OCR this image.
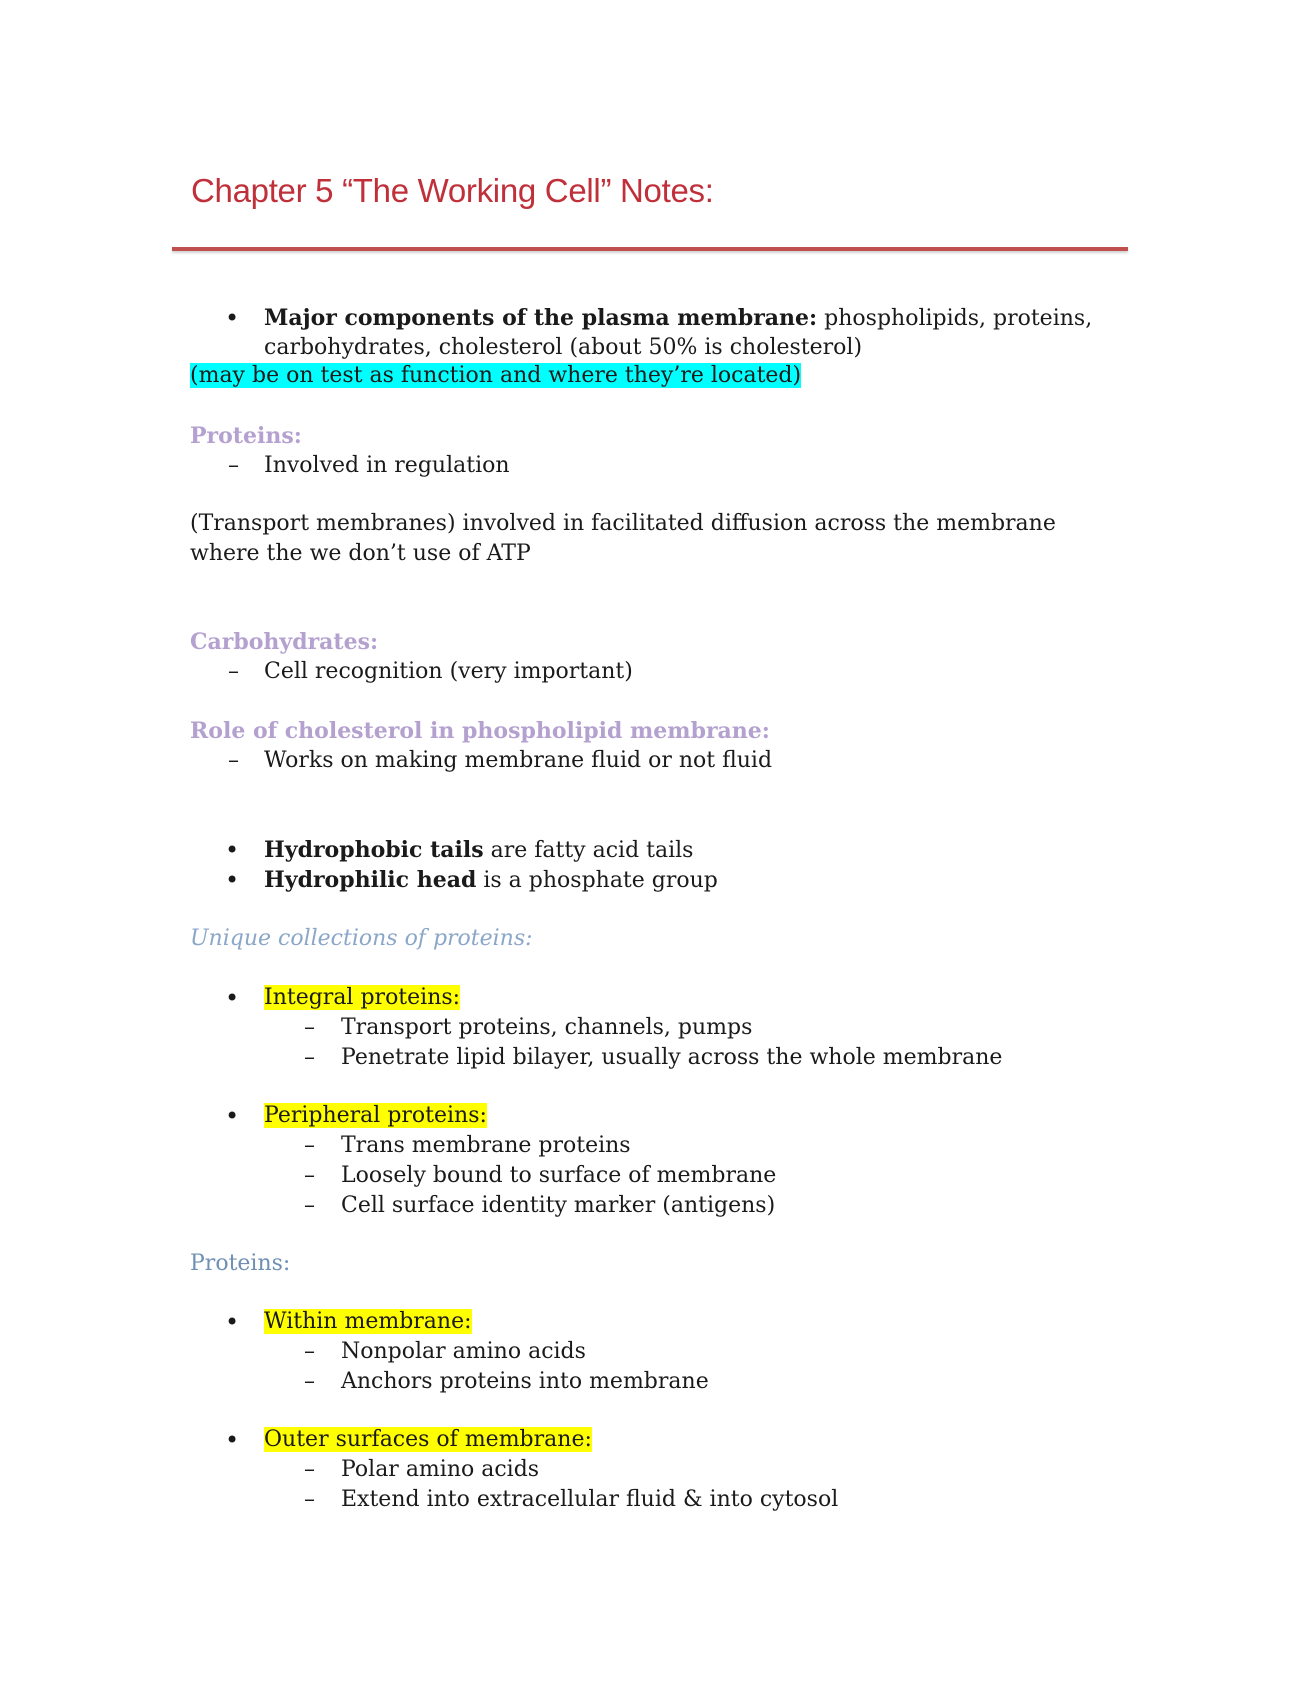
Chapter 5 “The Working Cell” Notes:
• Major components of the plasma membrane: phospholipids, proteins,
carbohydrates, cholesterol (about 50% is cholesterol)
(may be on test as function and where they’re located)
Proteins:
– Involved in regulation
(Transport membranes) involved in facilitated diffusion across the membrane
where the we don’t use of ATP
Carbohydrates:
– Cell recognition (very important)
Role of cholesterol in phospholipid membrane:
– Works on making membrane fluid or not fluid
• Hydrophobic tails are fatty acid tails
• Hydrophilic head is a phosphate group
Unique collections of proteins:
• Integral proteins:
– Transport proteins, channels, pumps
– Penetrate lipid bilayer, usually across the whole membrane
• Peripheral proteins:
– Trans membrane proteins
– Loosely bound to surface of membrane
– Cell surface identity marker (antigens)
Proteins:
• Within membrane:
– Nonpolar amino acids
– Anchors proteins into membrane
• Outer surfaces of membrane:
– Polar amino acids
– Extend into extracellular fluid & into cytosol
